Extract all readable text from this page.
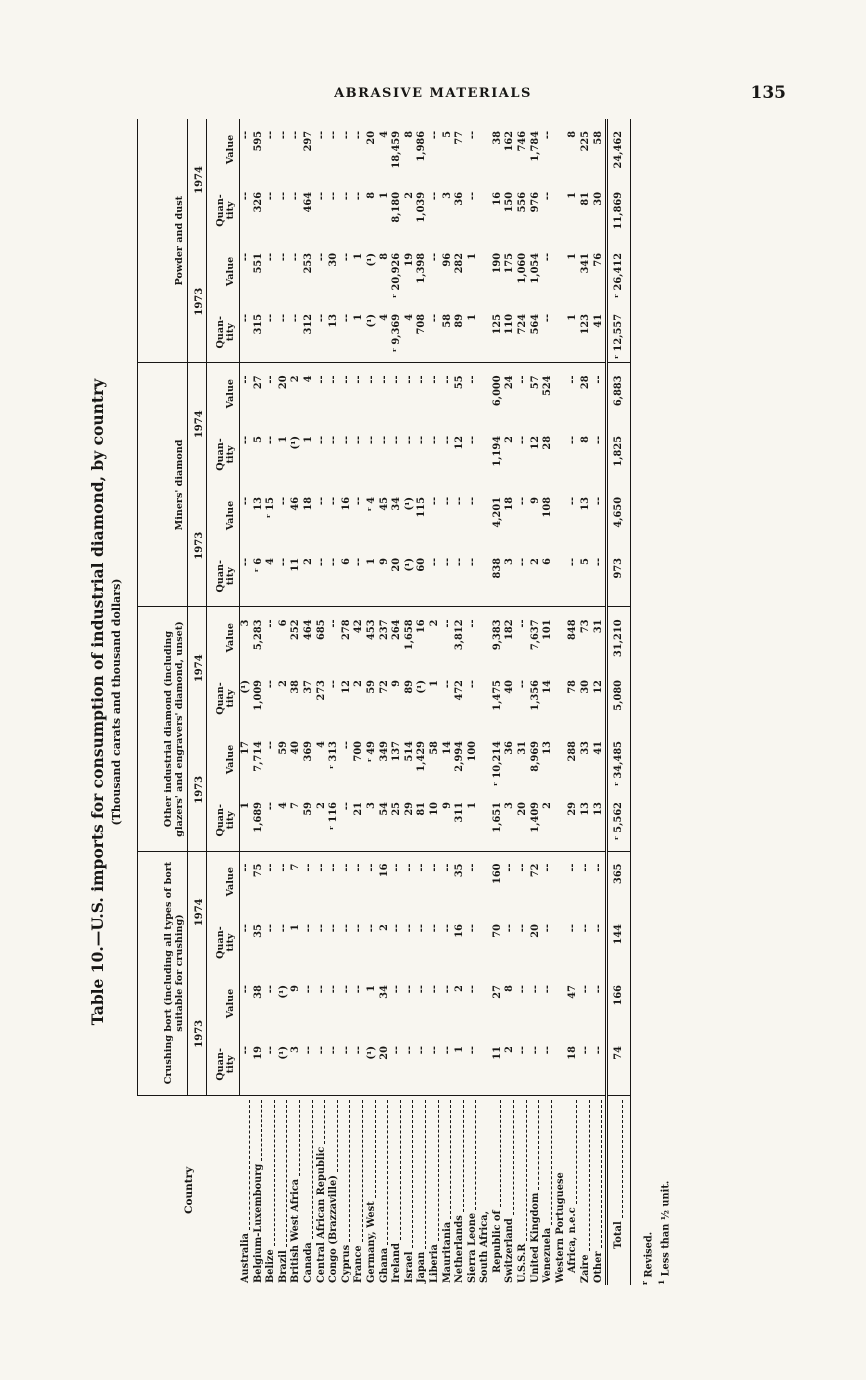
ABRASIVE MATERIALS	135
Table 10.—U.S. imports for consumption of industrial diamond, by country (Thousand carats and thousand dollars)
Country	Crushing bort (including all types of bort suitable for crushing)				Other industrial diamond (including glazers' and engravers' diamond, unset)				Miners' diamond				Powder and dust			
	1973		1974		1973		1974		1973		1974		1973		1974	

	Quan- tity	Value	Quan- tity	Value	Quan- tity	Value	Quan- tity	Value	Quan- tity	Value	Quan- tity	Value	Quan- tity	Value	Quan- tity	Value

Australia	--	--	--	--	1	17	(¹)	3	--	--	--	--	--	--	--	--

Belgium-Luxembourg	19	38	35	75	1,689	7,714	1,009	5,283	ʳ 6	13	5	27	315	551	326	595

Belize	--	--	--	--	--	--	--	--	4	ʳ 15	--	--	--	--	--	--

Brazil	(¹)	(¹)	--	--	4	59	2	6	--	--	1	20	--	--	--	--

British West Africa	3	9	1	7	7	40	38	252	11	46	(¹)	2	--	--	--	--

Canada	--	--	--	--	59	369	37	464	2	18	1	4	312	253	464	297

Central African Republic	--	--	--	--	2	4	273	685	--	--	--	--	--	--	--	--

Congo (Brazzaville)	--	--	--	--	ʳ 116	ʳ 313	--	--	--	--	--	--	13	30	--	--

Cyprus	--	--	--	--	--	--	12	278	6	16	--	--	--	--	--	--

France	--	--	--	--	21	700	2	42	--	--	--	--	1	1	--	--

Germany, West	(¹)	1	--	--	3	ʳ 49	59	453	1	ʳ 4	--	--	(¹)	(¹)	8	20

Ghana	20	34	2	16	54	349	72	237	9	45	--	--	4	8	1	4

Ireland	--	--	--	--	25	137	9	264	20	34	--	--	ʳ 9,369	ʳ 20,926	8,180	18,459

Israel	--	--	--	--	29	514	89	1,658	(¹)	(¹)	--	--	4	19	2	8

Japan	--	--	--	--	81	1,429	(¹)	16	60	115	--	--	708	1,398	1,039	1,986

Liberia	--	--	--	--	10	58	1	2	--	--	--	--	--	--	--	--

Mauritania	--	--	--	--	9	14	--	--	--	--	--	--	58	96	3	5

Netherlands	1	2	16	35	311	2,994	472	3,812	--	--	12	55	89	282	36	77

Sierra Leone	--	--	--	--	1	100	--	--	--	--	--	--	1	1	--	--

South Africa, Republic of	11	27	70	160	1,651	ʳ 10,214	1,475	9,383	838	4,201	1,194	6,000	125	190	16	38

Switzerland	2	8	--	--	3	36	40	182	3	18	2	24	110	175	150	162

U.S.S.R	--	--	--	--	20	31	--	--	--	--	--	--	724	1,060	556	746

United Kingdom	--	--	20	72	1,409	8,969	1,356	7,637	2	9	12	57	564	1,054	976	1,784

Venezuela	--	--	--	--	2	13	14	101	6	108	28	524	--	--	--	--

Western Portuguese Africa, n.e.c	18	47	--	--	29	288	78	848	--	--	--	--	1	1	1	8

Zaire	--	--	--	--	13	33	30	73	5	13	8	28	123	341	81	225

Other	--	--	--	--	13	41	12	31	--	--	--	--	41	76	30	58

Total	74	166	144	365	ʳ 5,562	ʳ 34,485	5,080	31,210	973	4,650	1,825	6,883	ʳ 12,557	ʳ 26,412	11,869	24,462
$^r$ Revised.
$^1$ Less than ½ unit.
